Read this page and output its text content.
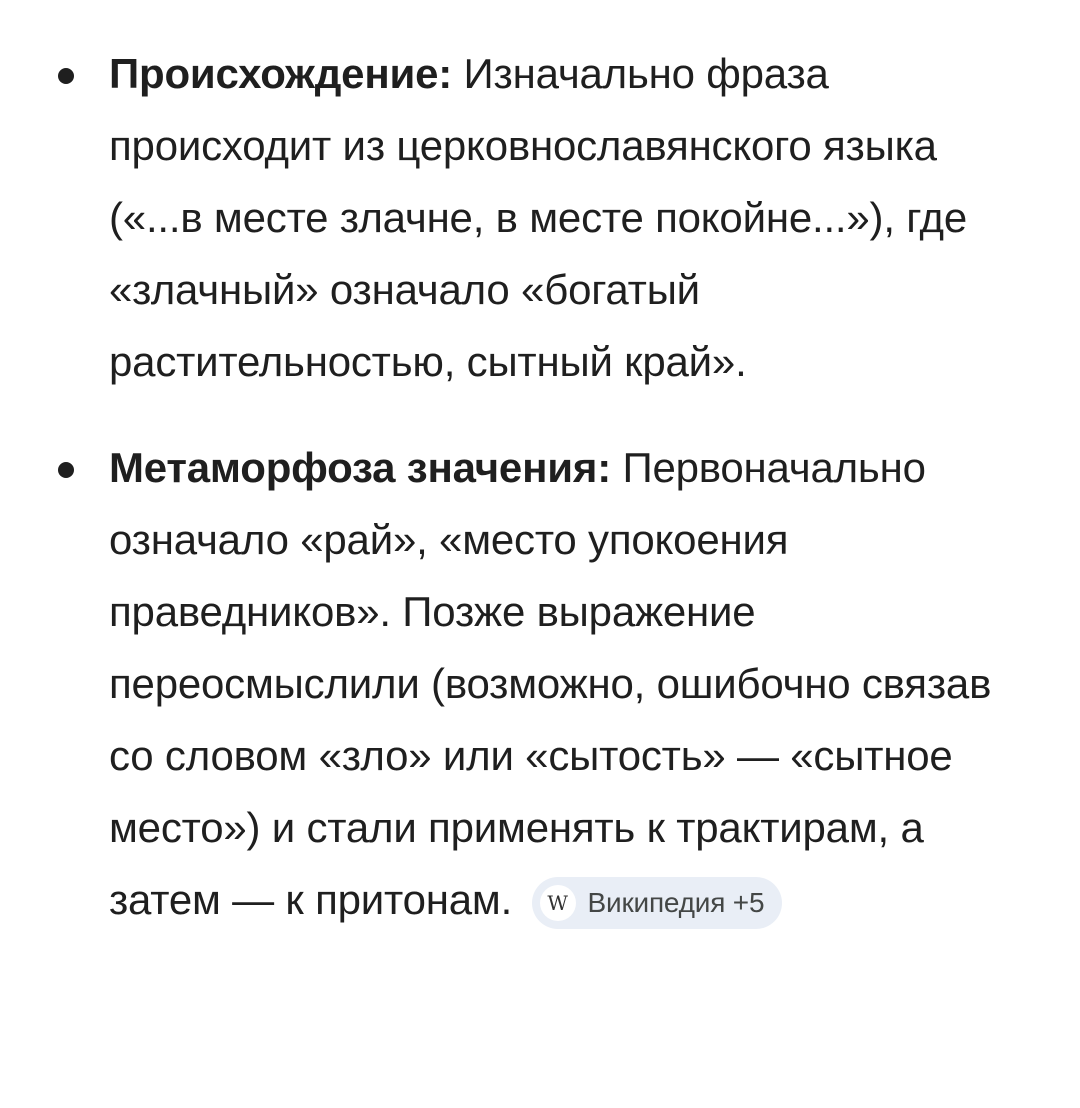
Происхождение: Изначально фраза происходит из церковнославянского языка («...в месте злачне, в месте покойне...»), где «злачный» означало «богатый растительностью, сытный край».
Метаморфоза значения: Первоначально означало «рай», «место упокоения праведников». Позже выражение переосмыслили (возможно, ошибочно связав со словом «зло» или «сытость» — «сытное место») и стали применять к трактирам, а затем — к притонам.	W Википедия +5
